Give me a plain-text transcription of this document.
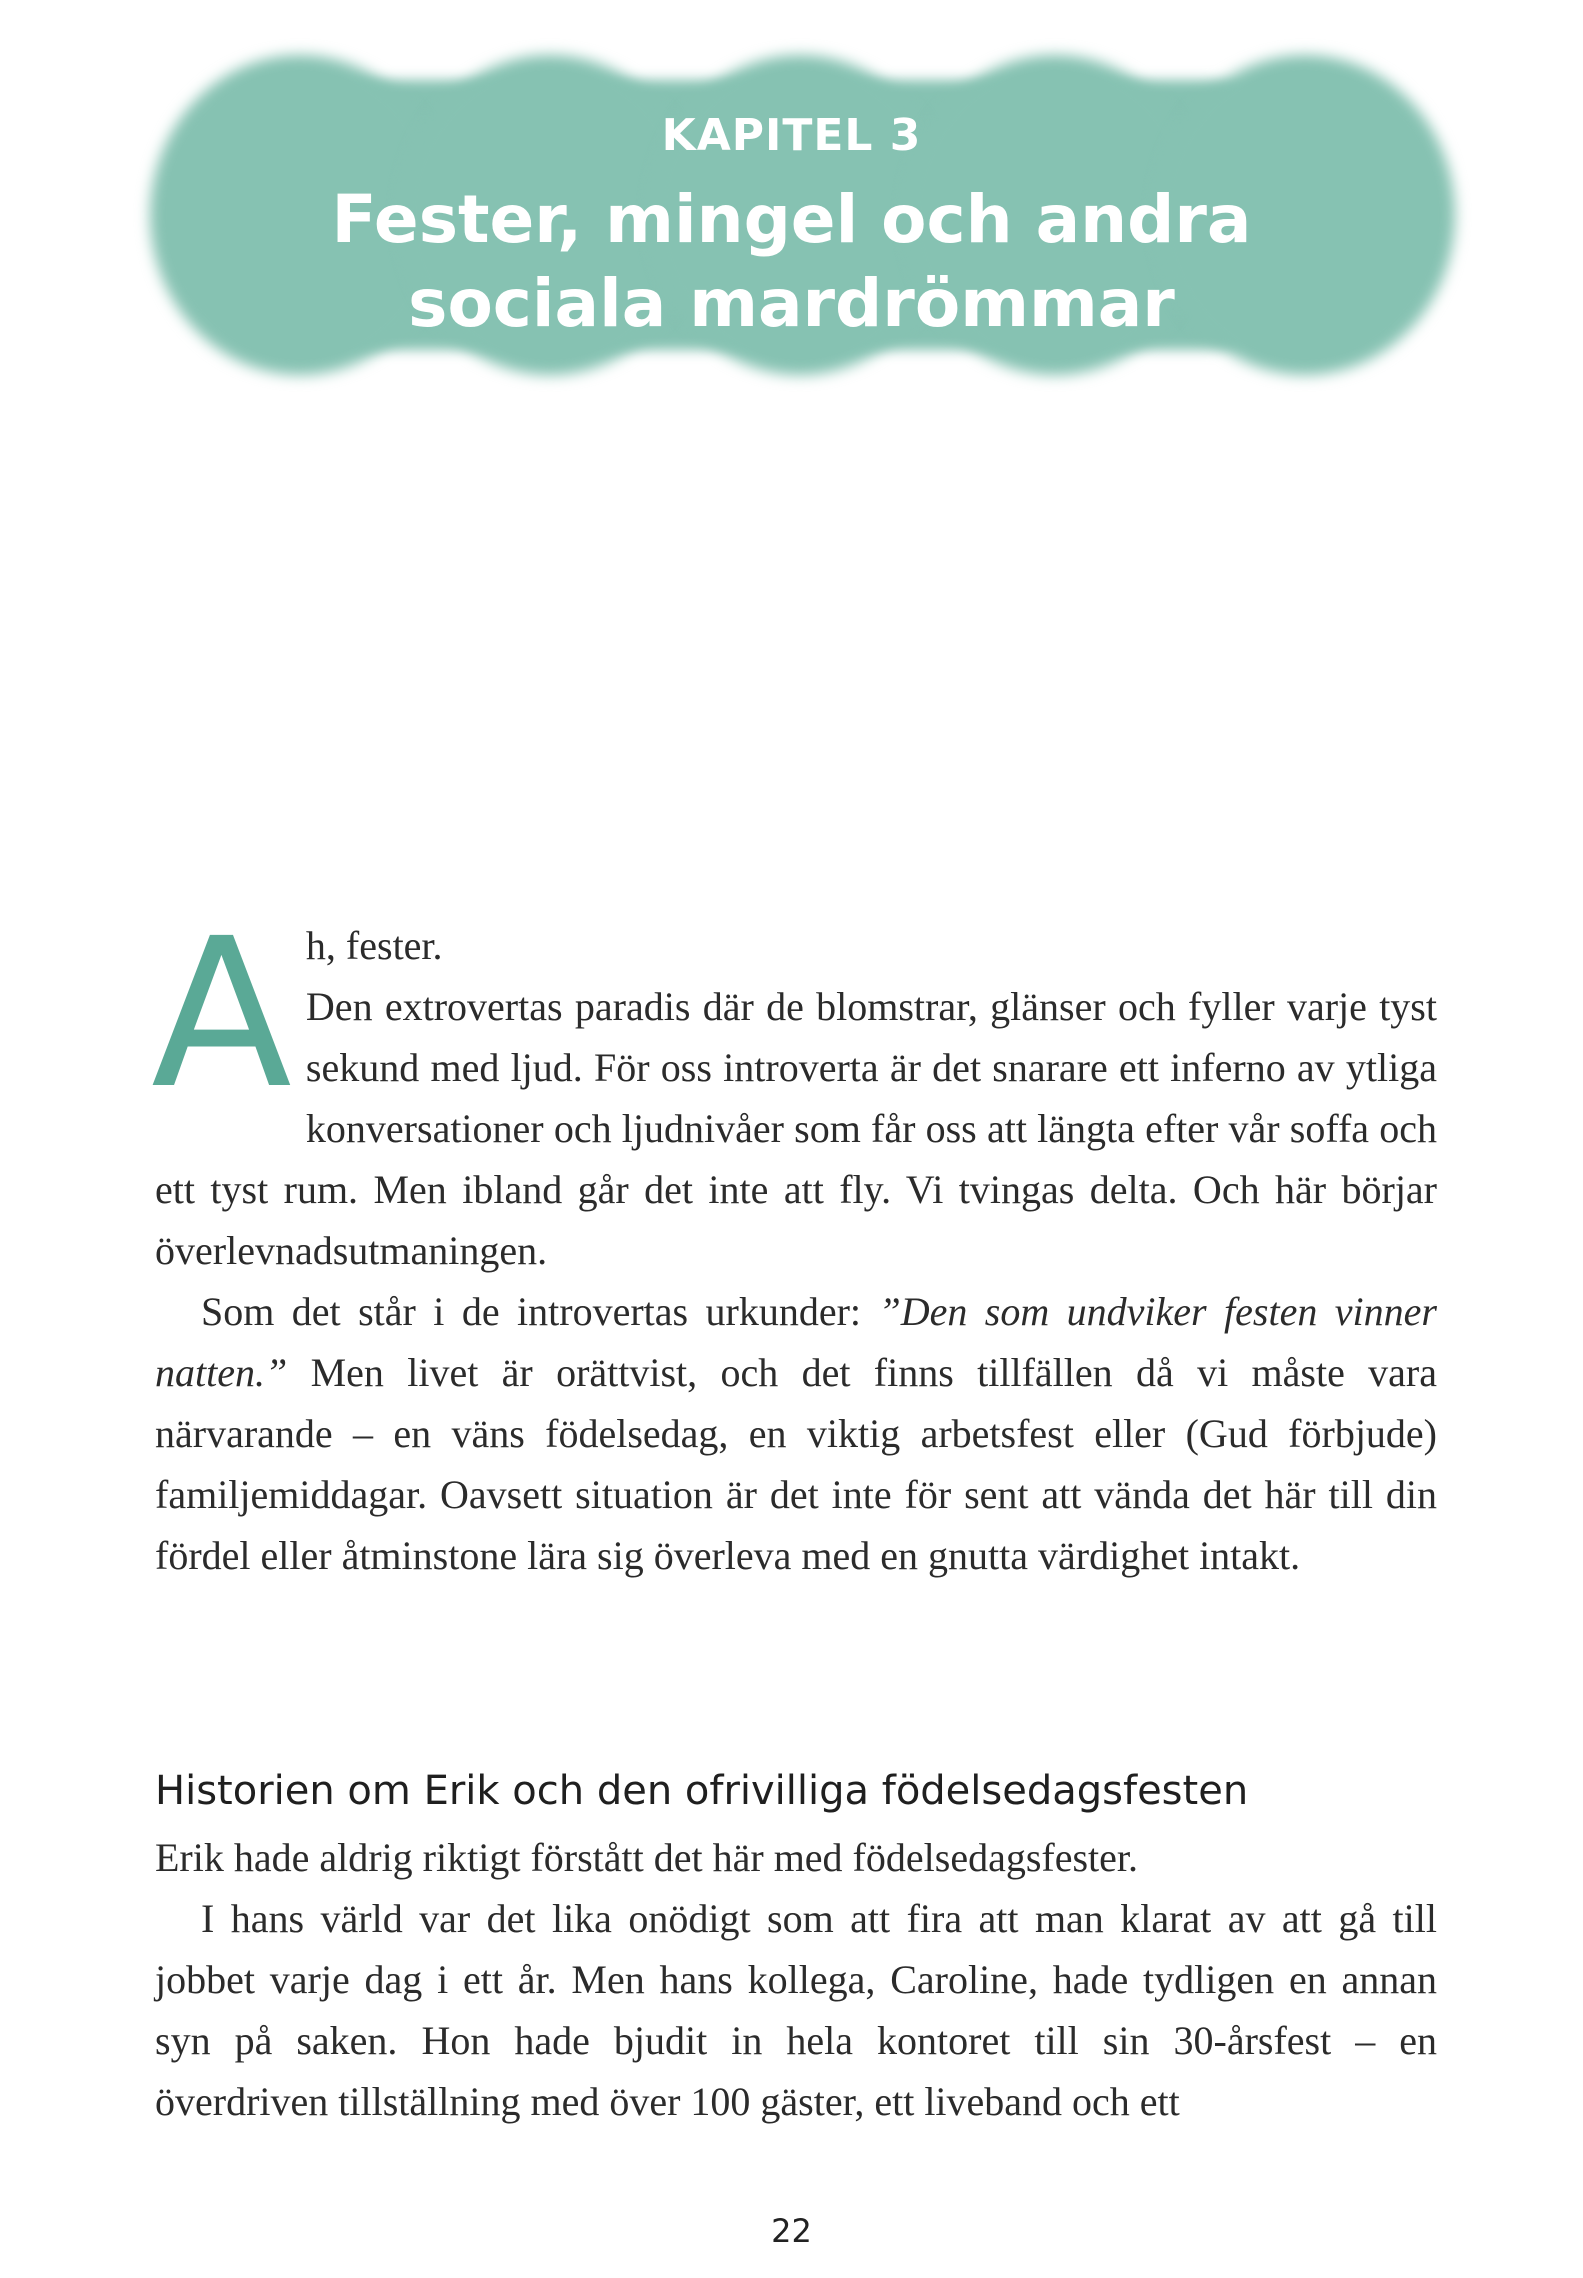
KAPITEL 3
Fester, mingel och andra
sociala mardrömmar
A h, fester.
Den extrovertas paradis där de blomstrar, glänser och fyller varje tyst sekund med ljud. För oss introverta är det snarare ett inferno av ytliga konversationer och ljudnivåer som får oss att längta efter vår soffa och ett tyst rum. Men ibland går det inte att fly. Vi tvingas delta. Och här börjar överlevnadsutmaningen.

Som det står i de introvertas urkunder: ”Den som undviker festen vinner natten.” Men livet är orättvist, och det finns tillfällen då vi måste vara närvarande – en väns födelsedag, en viktig arbetsfest eller (Gud förbjude) familjemiddagar. Oavsett situation är det inte för sent att vända det här till din fördel eller åtminstone lära sig överleva med en gnutta värdighet intakt.

Historien om Erik och den ofrivilliga födelsedagsfesten

Erik hade aldrig riktigt förstått det här med födelsedagsfester.

I hans värld var det lika onödigt som att fira att man klarat av att gå till jobbet varje dag i ett år. Men hans kollega, Caroline, hade tydligen en annan syn på saken. Hon hade bjudit in hela kontoret till sin 30-årsfest – en överdriven tillställning med över 100 gäster, ett liveband och ett

22
